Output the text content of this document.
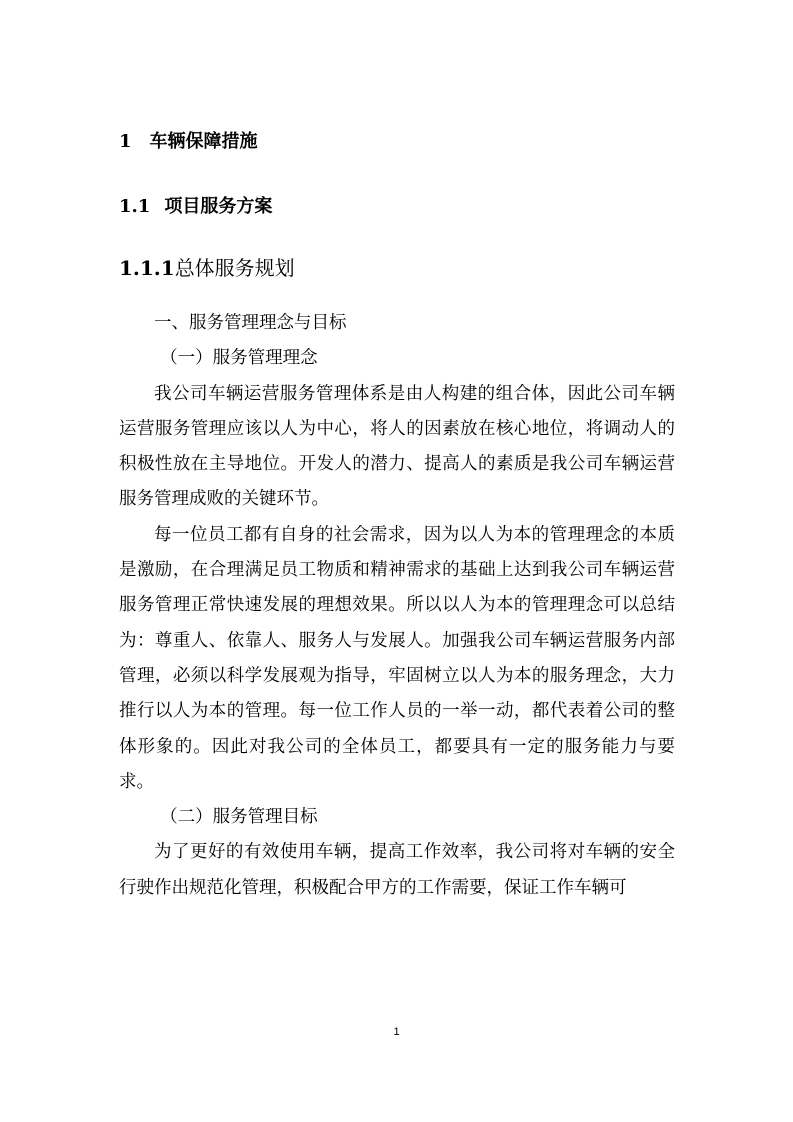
1 车辆保障措施
1.1 项目服务方案
1.1.1总体服务规划

一、服务管理理念与目标

（一）服务管理理念

我公司车辆运营服务管理体系是由人构建的组合体，因此公司车辆运营服务管理应该以人为中心，将人的因素放在核心地位，将调动人的积极性放在主导地位。开发人的潜力、提高人的素质是我公司车辆运营服务管理成败的关键环节。

每一位员工都有自身的社会需求，因为以人为本的管理理念的本质是激励，在合理满足员工物质和精神需求的基础上达到我公司车辆运营服务管理正常快速发展的理想效果。所以以人为本的管理理念可以总结为：尊重人、依靠人、服务人与发展人。加强我公司车辆运营服务内部管理，必须以科学发展观为指导，牢固树立以人为本的服务理念，大力推行以人为本的管理。每一位工作人员的一举一动，都代表着公司的整体形象的。因此对我公司的全体员工，都要具有一定的服务能力与要求。

（二）服务管理目标

为了更好的有效使用车辆，提高工作效率，我公司将对车辆的安全行驶作出规范化管理，积极配合甲方的工作需要，保证工作车辆可

1
